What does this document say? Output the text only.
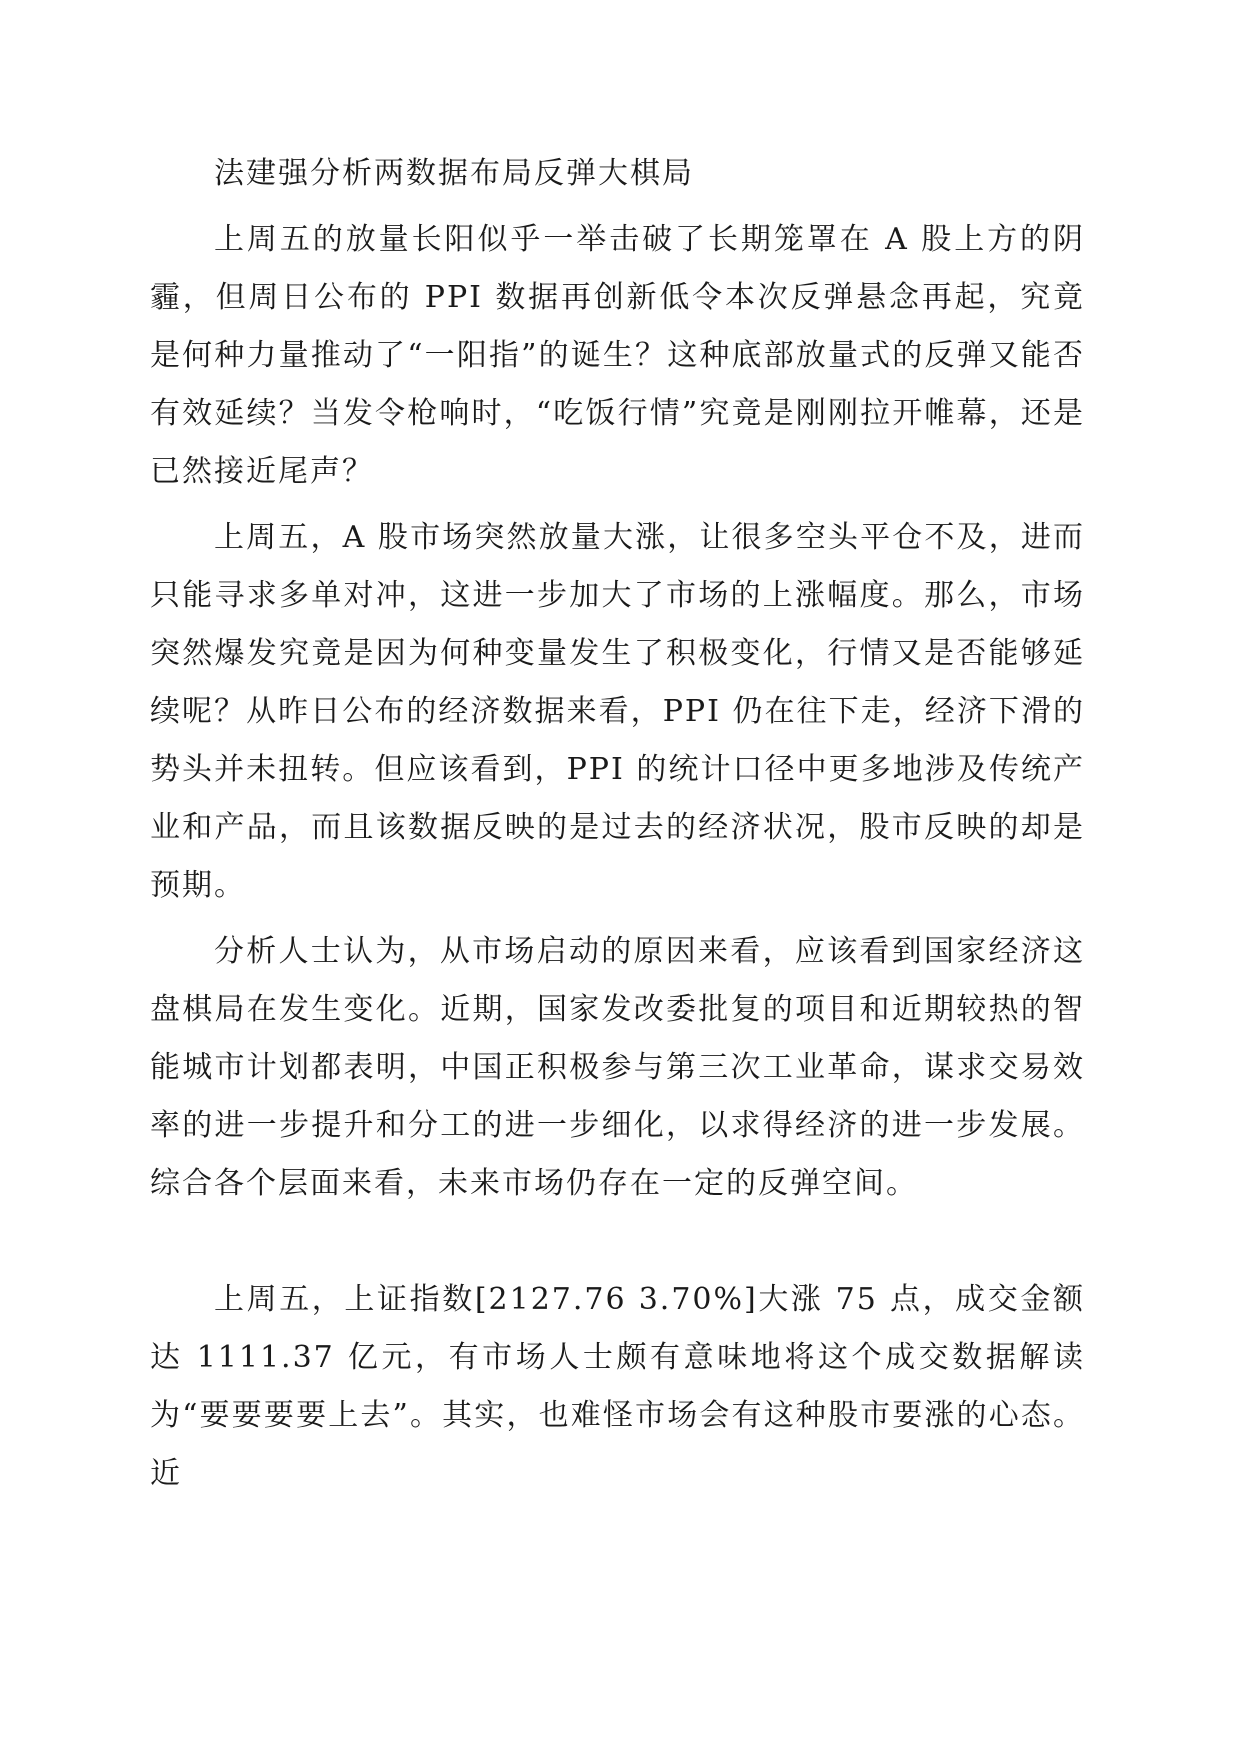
法建强分析两数据布局反弹大棋局

上周五的放量长阳似乎一举击破了长期笼罩在 A 股上方的阴霾，但周日公布的 PPI 数据再创新低令本次反弹悬念再起，究竟是何种力量推动了“一阳指”的诞生？这种底部放量式的反弹又能否有效延续？当发令枪响时，“吃饭行情”究竟是刚刚拉开帷幕，还是已然接近尾声？

上周五，A 股市场突然放量大涨，让很多空头平仓不及，进而只能寻求多单对冲，这进一步加大了市场的上涨幅度。那么，市场突然爆发究竟是因为何种变量发生了积极变化，行情又是否能够延续呢？从昨日公布的经济数据来看，PPI 仍在往下走，经济下滑的势头并未扭转。但应该看到，PPI 的统计口径中更多地涉及传统产业和产品，而且该数据反映的是过去的经济状况，股市反映的却是预期。

分析人士认为，从市场启动的原因来看，应该看到国家经济这盘棋局在发生变化。近期，国家发改委批复的项目和近期较热的智能城市计划都表明，中国正积极参与第三次工业革命，谋求交易效率的进一步提升和分工的进一步细化，以求得经济的进一步发展。综合各个层面来看，未来市场仍存在一定的反弹空间。

上周五，上证指数[2127.76 3.70%]大涨 75 点，成交金额达 1111.37 亿元，有市场人士颇有意味地将这个成交数据解读为“要要要要上去”。其实，也难怪市场会有这种股市要涨的心态。近
